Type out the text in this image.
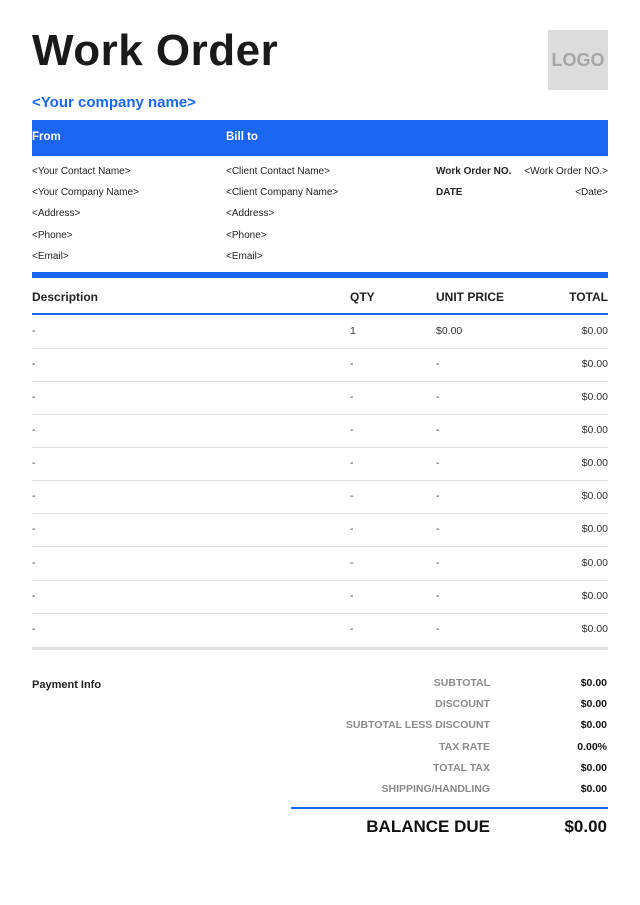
Work Order	LOGO
<Your company name>
From	Bill to
<Your Contact Name>
<Your Company Name>
<Address>
<Phone>
<Email>
<Client Contact Name>
<Client Company Name>
<Address>
<Phone>
<Email>
Work Order NO.	<Work Order NO.>
DATE	<Date>
Description	QTY	UNIT PRICE	TOTAL
-	1	$0.00	$0.00
-	-	-	$0.00
-	-	-	$0.00
-	-	-	$0.00
-	-	-	$0.00
-	-	-	$0.00
-	-	-	$0.00
-	-	-	$0.00
-	-	-	$0.00
-	-	-	$0.00
Payment Info	SUBTOTAL	$0.00
DISCOUNT	$0.00
SUBTOTAL LESS DISCOUNT	$0.00
TAX RATE	0.00%
TOTAL TAX	$0.00
SHIPPING/HANDLING	$0.00
BALANCE DUE	$0.00
